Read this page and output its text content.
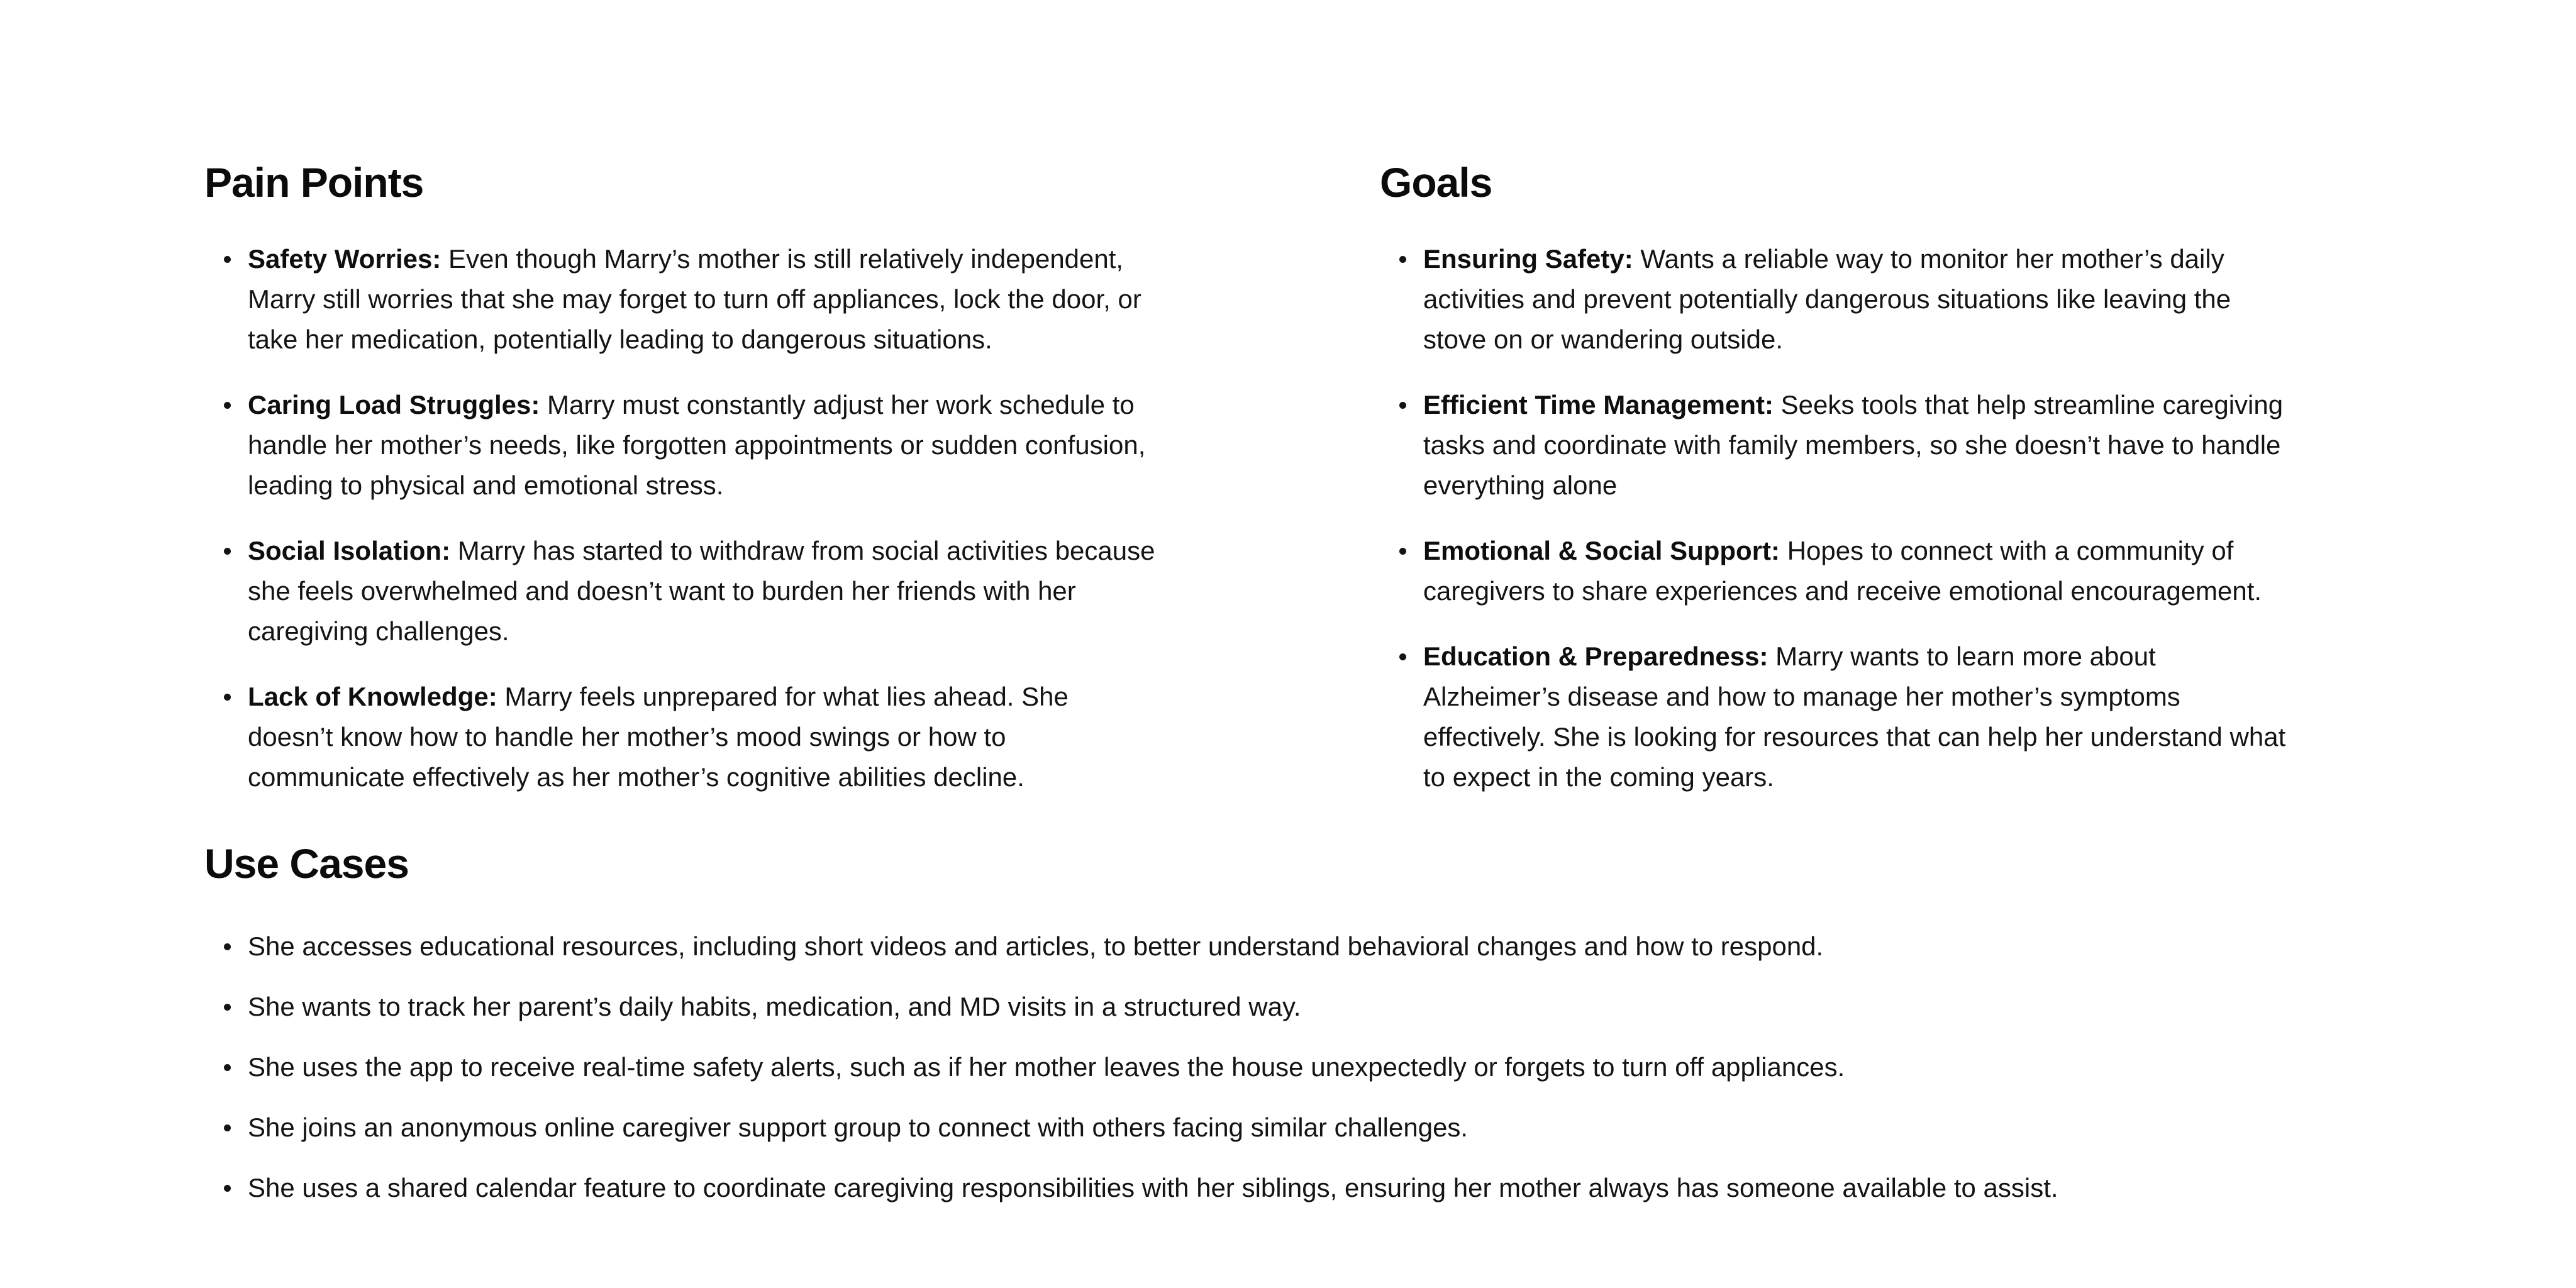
Pain Points
Safety Worries: Even though Marry’s mother is still relatively independent, Marry still worries that she may forget to turn off appliances, lock the door, or take her medication, potentially leading to dangerous situations.
Caring Load Struggles: Marry must constantly adjust her work schedule to handle her mother’s needs, like forgotten appointments or sudden confusion, leading to physical and emotional stress.
Social Isolation: Marry has started to withdraw from social activities because she feels overwhelmed and doesn’t want to burden her friends with her caregiving challenges.
Lack of Knowledge: Marry feels unprepared for what lies ahead. She doesn’t know how to handle her mother’s mood swings or how to communicate effectively as her mother’s cognitive abilities decline.
Goals
Ensuring Safety: Wants a reliable way to monitor her mother’s daily activities and prevent potentially dangerous situations like leaving the stove on or wandering outside.
Efficient Time Management: Seeks tools that help streamline caregiving tasks and coordinate with family members, so she doesn’t have to handle everything alone
Emotional & Social Support: Hopes to connect with a community of caregivers to share experiences and receive emotional encouragement.
Education & Preparedness: Marry wants to learn more about Alzheimer’s disease and how to manage her mother’s symptoms effectively. She is looking for resources that can help her understand what to expect in the coming years.
Use Cases
She accesses educational resources, including short videos and articles, to better understand behavioral changes and how to respond.
She wants to track her parent’s daily habits, medication, and MD visits in a structured way.
She uses the app to receive real-time safety alerts, such as if her mother leaves the house unexpectedly or forgets to turn off appliances.
She joins an anonymous online caregiver support group to connect with others facing similar challenges.
She uses a shared calendar feature to coordinate caregiving responsibilities with her siblings, ensuring her mother always has someone available to assist.
